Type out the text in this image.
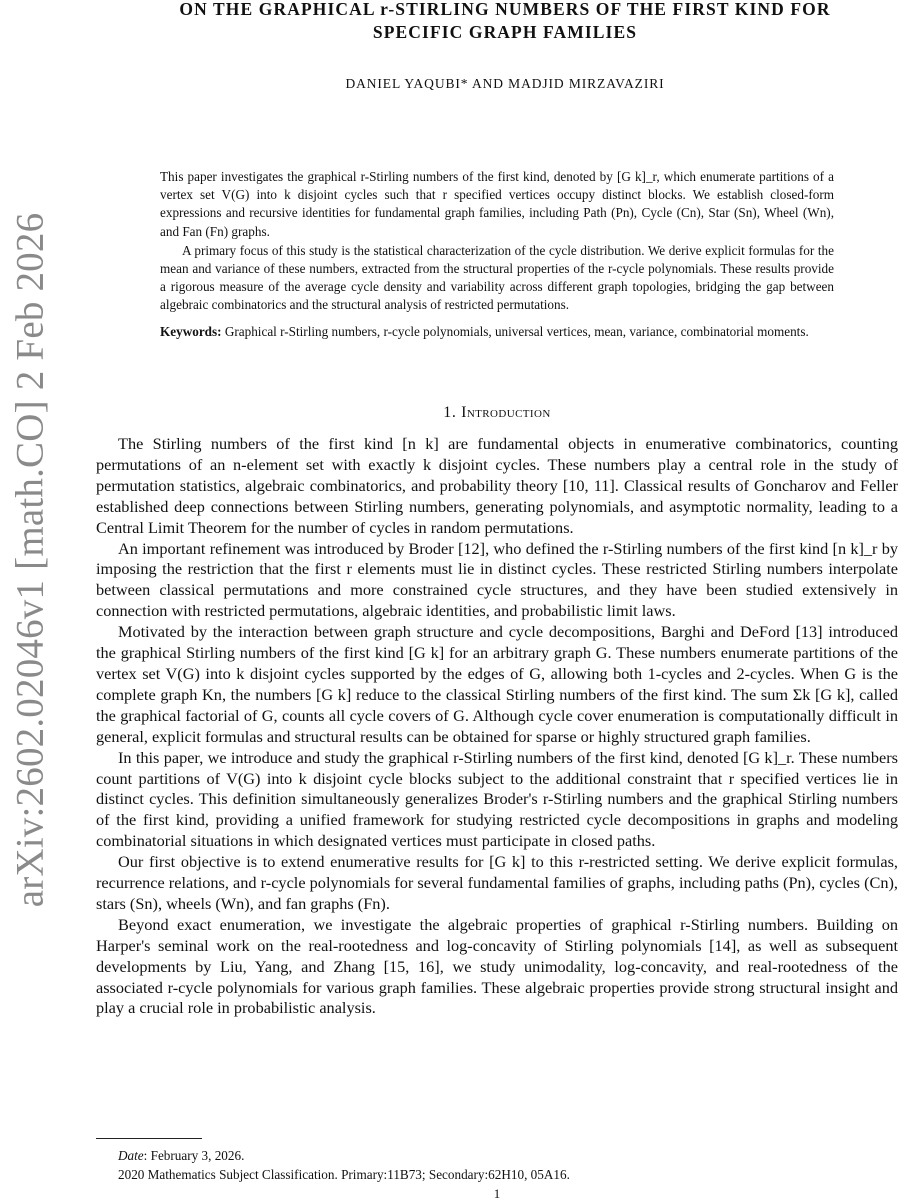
arXiv:2602.02046v1 [math.CO] 2 Feb 2026
ON THE GRAPHICAL r-STIRLING NUMBERS OF THE FIRST KIND FOR
SPECIFIC GRAPH FAMILIES
DANIEL YAQUBI* AND MADJID MIRZAVAZIRI

This paper investigates the graphical r-Stirling numbers of the first kind, denoted by [G k]_r, which enumerate partitions of a vertex set V(G) into k disjoint cycles such that r specified vertices occupy distinct blocks. We establish closed-form expressions and recursive identities for fundamental graph families, including Path (Pn), Cycle (Cn), Star (Sn), Wheel (Wn), and Fan (Fn) graphs.

A primary focus of this study is the statistical characterization of the cycle distribution. We derive explicit formulas for the mean and variance of these numbers, extracted from the structural properties of the r-cycle polynomials. These results provide a rigorous measure of the average cycle density and variability across different graph topologies, bridging the gap between algebraic combinatorics and the structural analysis of restricted permutations.

Keywords: Graphical r-Stirling numbers, r-cycle polynomials, universal vertices, mean, variance, combinatorial moments.

1. Introduction

The Stirling numbers of the first kind [n k] are fundamental objects in enumerative combinatorics, counting permutations of an n-element set with exactly k disjoint cycles. These numbers play a central role in the study of permutation statistics, algebraic combinatorics, and probability theory [10, 11]. Classical results of Goncharov and Feller established deep connections between Stirling numbers, generating polynomials, and asymptotic normality, leading to a Central Limit Theorem for the number of cycles in random permutations.

An important refinement was introduced by Broder [12], who defined the r-Stirling numbers of the first kind [n k]_r by imposing the restriction that the first r elements must lie in distinct cycles. These restricted Stirling numbers interpolate between classical permutations and more constrained cycle structures, and they have been studied extensively in connection with restricted permutations, algebraic identities, and probabilistic limit laws.

Motivated by the interaction between graph structure and cycle decompositions, Barghi and DeFord [13] introduced the graphical Stirling numbers of the first kind [G k] for an arbitrary graph G. These numbers enumerate partitions of the vertex set V(G) into k disjoint cycles supported by the edges of G, allowing both 1-cycles and 2-cycles. When G is the complete graph Kn, the numbers [G k] reduce to the classical Stirling numbers of the first kind. The sum Σk [G k], called the graphical factorial of G, counts all cycle covers of G. Although cycle cover enumeration is computationally difficult in general, explicit formulas and structural results can be obtained for sparse or highly structured graph families.

In this paper, we introduce and study the graphical r-Stirling numbers of the first kind, denoted [G k]_r. These numbers count partitions of V(G) into k disjoint cycle blocks subject to the additional constraint that r specified vertices lie in distinct cycles. This definition simultaneously generalizes Broder's r-Stirling numbers and the graphical Stirling numbers of the first kind, providing a unified framework for studying restricted cycle decompositions in graphs and modeling combinatorial situations in which designated vertices must participate in closed paths.

Our first objective is to extend enumerative results for [G k] to this r-restricted setting. We derive explicit formulas, recurrence relations, and r-cycle polynomials for several fundamental families of graphs, including paths (Pn), cycles (Cn), stars (Sn), wheels (Wn), and fan graphs (Fn).

Beyond exact enumeration, we investigate the algebraic properties of graphical r-Stirling numbers. Building on Harper's seminal work on the real-rootedness and log-concavity of Stirling polynomials [14], as well as subsequent developments by Liu, Yang, and Zhang [15, 16], we study unimodality, log-concavity, and real-rootedness of the associated r-cycle polynomials for various graph families. These algebraic properties provide strong structural insight and play a crucial role in probabilistic analysis.

Date: February 3, 2026.

2020 Mathematics Subject Classification. Primary:11B73; Secondary:62H10, 05A16.

1
